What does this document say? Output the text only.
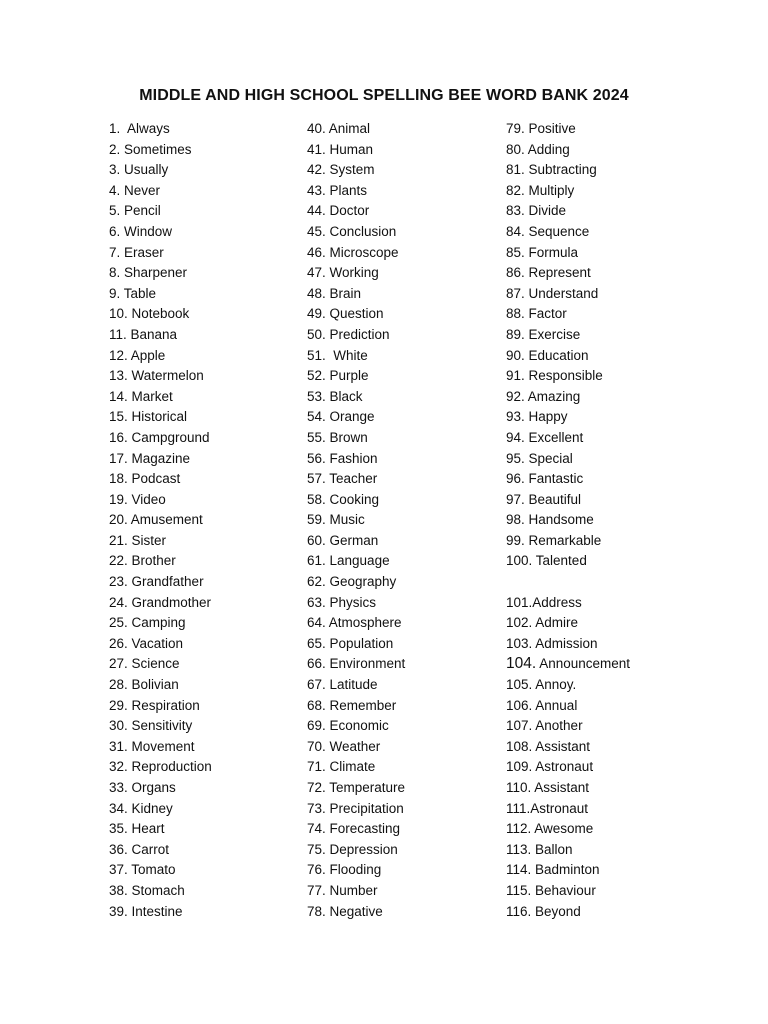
MIDDLE AND HIGH SCHOOL SPELLING BEE WORD BANK 2024
1.  Always
2. Sometimes
3. Usually
4. Never
5. Pencil
6. Window
7. Eraser
8. Sharpener
9. Table
10. Notebook
11. Banana
12. Apple
13. Watermelon
14. Market
15. Historical
16. Campground
17. Magazine
18. Podcast
19. Video
20. Amusement
21. Sister
22. Brother
23. Grandfather
24. Grandmother
25. Camping
26. Vacation
27. Science
28. Bolivian
29. Respiration
30. Sensitivity
31. Movement
32. Reproduction
33. Organs
34. Kidney
35. Heart
36. Carrot
37. Tomato
38. Stomach
39. Intestine
40. Animal
41. Human
42. System
43. Plants
44. Doctor
45. Conclusion
46. Microscope
47. Working
48. Brain
49. Question
50. Prediction
51.  White
52. Purple
53. Black
54. Orange
55. Brown
56. Fashion
57. Teacher
58. Cooking
59. Music
60. German
61. Language
62. Geography
63. Physics
64. Atmosphere
65. Population
66. Environment
67. Latitude
68. Remember
69. Economic
70. Weather
71. Climate
72. Temperature
73. Precipitation
74. Forecasting
75. Depression
76. Flooding
77. Number
78. Negative
79. Positive
80. Adding
81. Subtracting
82. Multiply
83. Divide
84. Sequence
85. Formula
86. Represent
87. Understand
88. Factor
89. Exercise
90. Education
91. Responsible
92. Amazing
93. Happy
94. Excellent
95. Special
96. Fantastic
97. Beautiful
98. Handsome
99. Remarkable
100. Talented
101.Address
102. Admire
103. Admission
104. Announcement
105. Annoy.
106. Annual
107. Another
108. Assistant
109. Astronaut
110. Assistant
111.Astronaut
112. Awesome
113. Ballon
114. Badminton
115. Behaviour
116. Beyond
